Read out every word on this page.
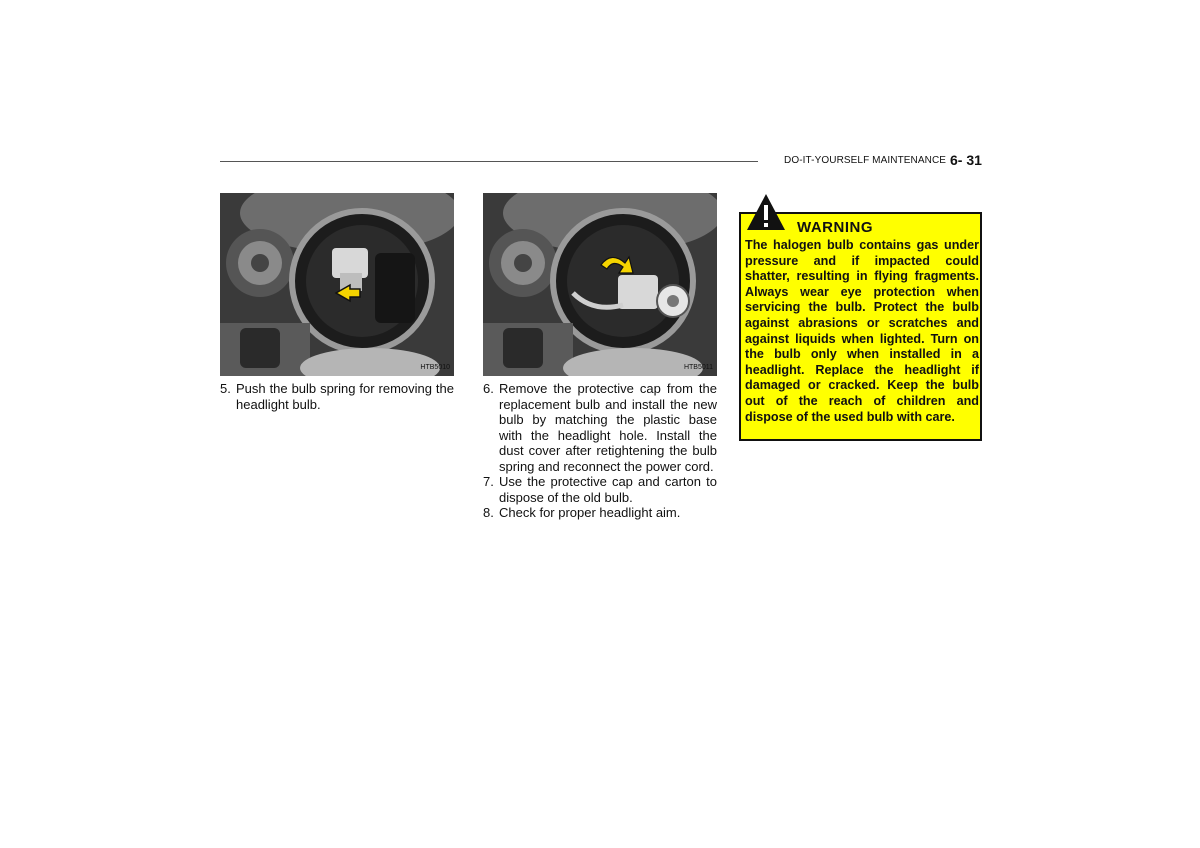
DO-IT-YOURSELF MAINTENANCE 6- 31
HTB5010	HTB5011
5. Push the bulb spring for removing the headlight bulb.
6. Remove the protective cap from the replacement bulb and install the new bulb by matching the plastic base with the headlight hole. Install the dust cover after retightening the bulb spring and reconnect the power cord.
7. Use the protective cap and carton to dispose of the old bulb.
8. Check for proper headlight aim.
WARNING
The halogen bulb contains gas under pressure and if impacted could shatter, resulting in flying fragments. Always wear eye protection when servicing the bulb. Protect the bulb against abrasions or scratches and against liquids when lighted. Turn on the bulb only when installed in a headlight. Replace the headlight if damaged or cracked. Keep the bulb out of the reach of children and dispose of the used bulb with care.
